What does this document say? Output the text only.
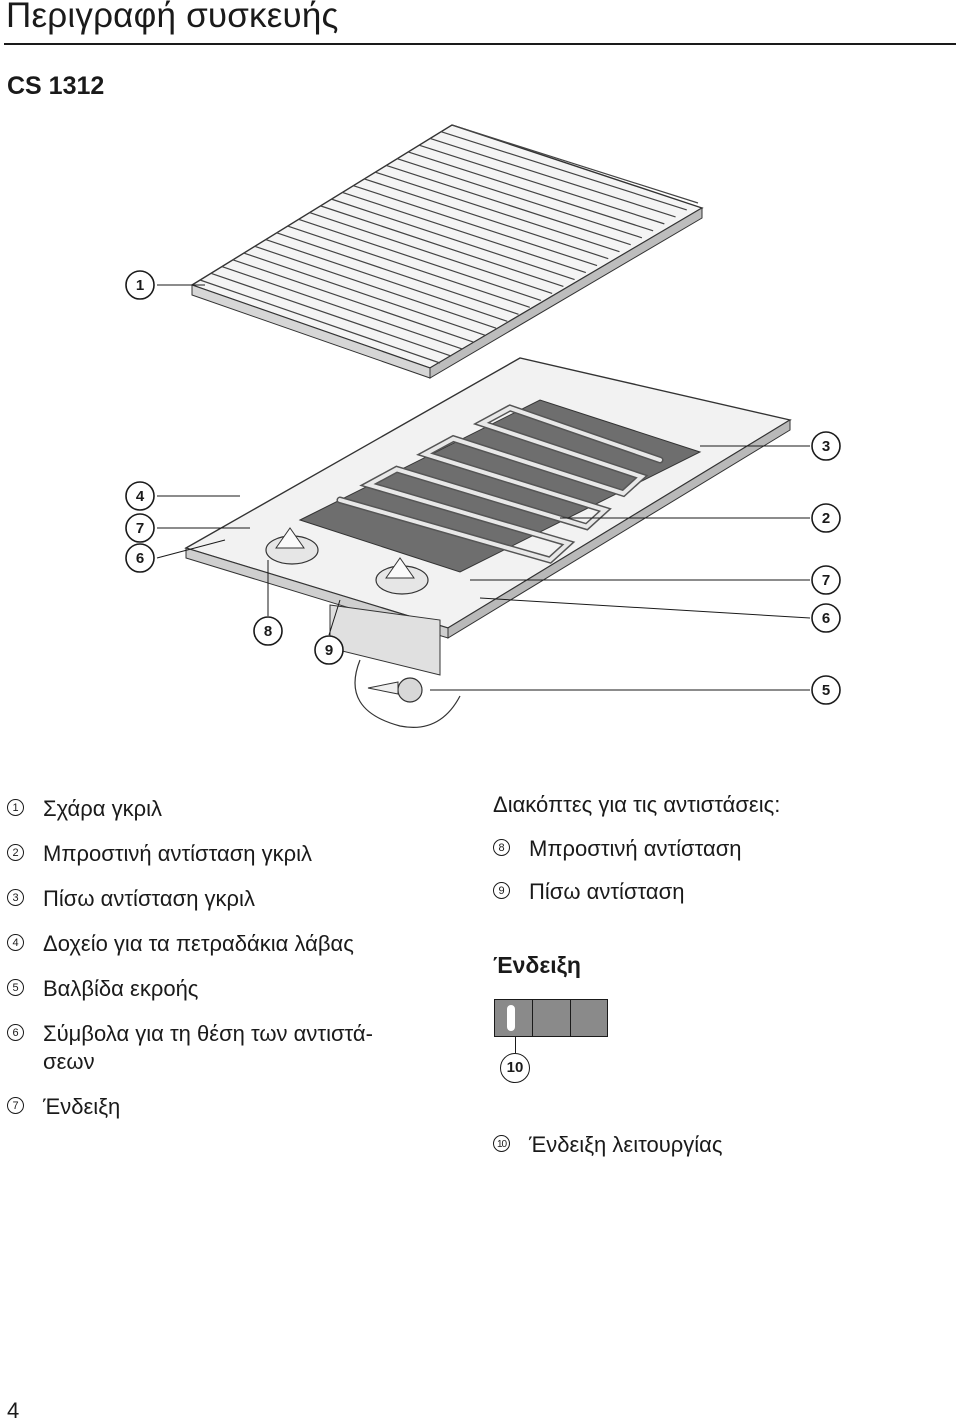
Περιγραφή συσκευής
CS 1312
1
4
7
6
8
9
3
2
7
6
5
1 Σχάρα γκριλ
2 Μπροστινή αντίσταση γκριλ
3 Πίσω αντίσταση γκριλ
4 Δοχείο για τα πετραδάκια λάβας
5 Βαλβίδα εκροής
6 Σύμβολα για τη θέση των αντιστά-
σεων
7 Ένδειξη
Διακόπτες για τις αντιστάσεις:
8 Μπροστινή αντίσταση
9 Πίσω αντίσταση
Ένδειξη
10
10 Ένδειξη λειτουργίας
4
